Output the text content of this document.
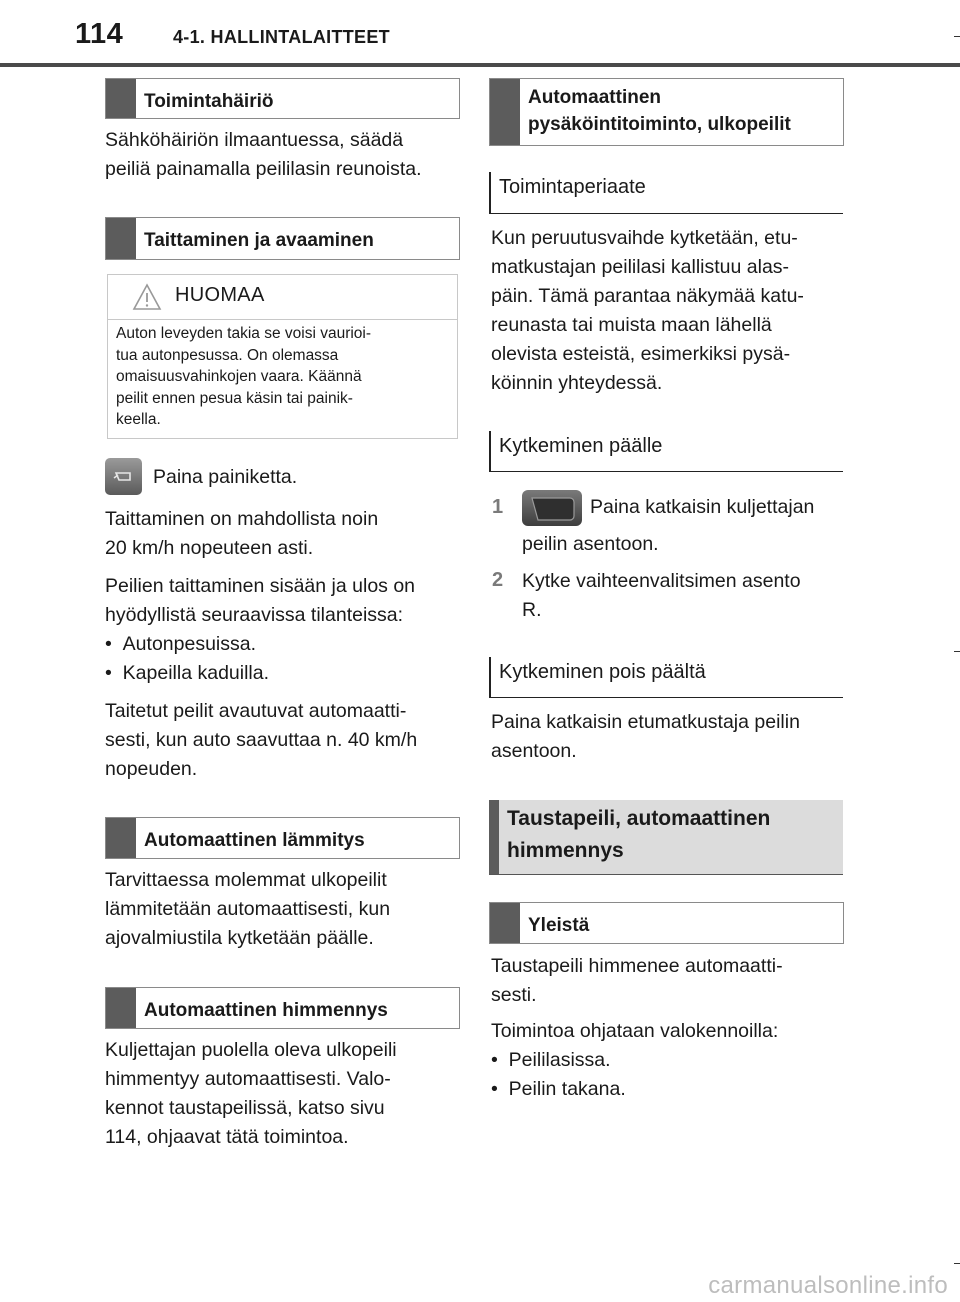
114	4-1. HALLINTALAITTEET
Toimintahäiriö
Sähköhäiriön ilmaantuessa, säädä
peiliä painamalla peililasin reunoista.
Taittaminen ja avaaminen
HUOMAA
Auton leveyden takia se voisi vaurioi-
tua autonpesussa. On olemassa
omaisuusvahinkojen vaara. Käännä
peilit ennen pesua käsin tai painik-
keella.
Paina painiketta.
Taittaminen on mahdollista noin
20 km/h nopeuteen asti.
Peilien taittaminen sisään ja ulos on
hyödyllistä seuraavissa tilanteissa:
•  Autonpesuissa.
•  Kapeilla kaduilla.
Taitetut peilit avautuvat automaatti-
sesti, kun auto saavuttaa n. 40 km/h
nopeuden.
Automaattinen lämmitys
Tarvittaessa molemmat ulkopeilit
lämmitetään automaattisesti, kun
ajovalmiustila kytketään päälle.
Automaattinen himmennys
Kuljettajan puolella oleva ulkopeili
himmentyy automaattisesti. Valo-
kennot taustapeilissä, katso sivu
114, ohjaavat tätä toimintoa.
Automaattinen
pysäköintitoiminto, ulkopeilit
Toimintaperiaate
Kun peruutusvaihde kytketään, etu-
matkustajan peililasi kallistuu alas-
päin. Tämä parantaa näkymää katu-
reunasta tai muista maan lähellä
olevista esteistä, esimerkiksi pysä-
köinnin yhteydessä.
Kytkeminen päälle
1	Paina katkaisin kuljettajan
peilin asentoon.
2 Kytke vaihteenvalitsimen asento
R.
Kytkeminen pois päältä
Paina katkaisin etumatkustaja peilin
asentoon.
Taustapeili, automaattinen
himmennys
Yleistä
Taustapeili himmenee automaatti-
sesti.
Toimintoa ohjataan valokennoilla:
•  Peililasissa.
•  Peilin takana.
carmanualsonline.info
